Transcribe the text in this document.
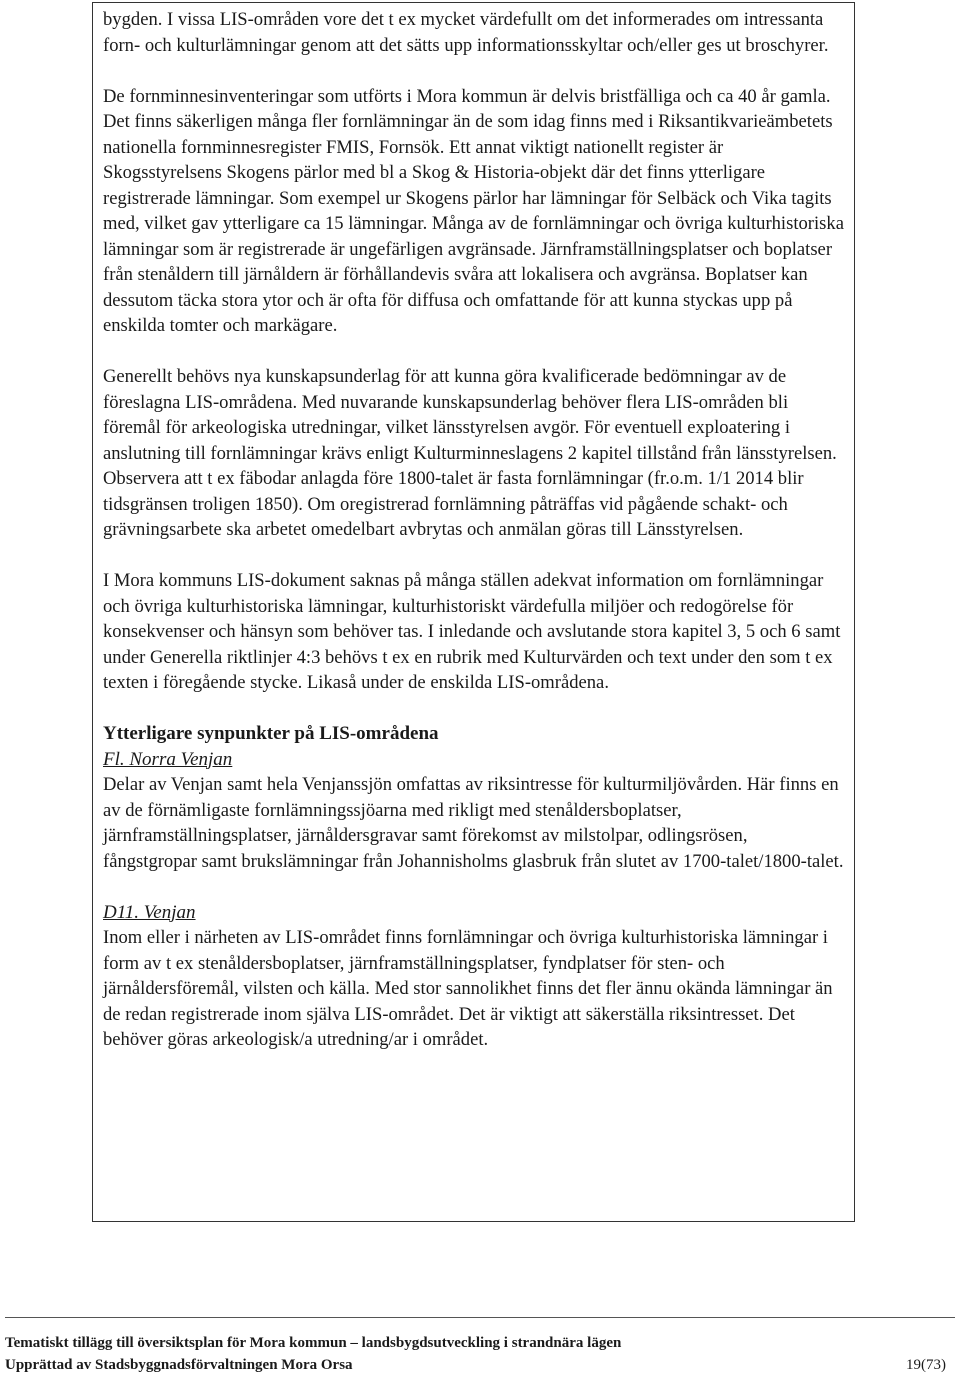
bygden. I vissa LIS-områden vore det t ex mycket värdefullt om det informerades om intressanta forn- och kulturlämningar genom att det sätts upp informationsskyltar och/eller ges ut broschyrer.

De fornminnesinventeringar som utförts i Mora kommun är delvis bristfälliga och ca 40 år gamla. Det finns säkerligen många fler fornlämningar än de som idag finns med i Riksantikvarieämbetets nationella fornminnesregister FMIS, Fornsök. Ett annat viktigt nationellt register är Skogsstyrelsens Skogens pärlor med bl a Skog & Historia-objekt där det finns ytterligare registrerade lämningar. Som exempel ur Skogens pärlor har lämningar för Selbäck och Vika tagits med, vilket gav ytterligare ca 15 lämningar. Många av de fornlämningar och övriga kulturhistoriska lämningar som är registrerade är ungefärligen avgränsade. Järnframställningsplatser och boplatser från stenåldern till järnåldern är förhållandevis svåra att lokalisera och avgränsa. Boplatser kan dessutom täcka stora ytor och är ofta för diffusa och omfattande för att kunna styckas upp på enskilda tomter och markägare.

Generellt behövs nya kunskapsunderlag för att kunna göra kvalificerade bedömningar av de föreslagna LIS-områdena. Med nuvarande kunskapsunderlag behöver flera LIS-områden bli föremål för arkeologiska utredningar, vilket länsstyrelsen avgör. För eventuell exploatering i anslutning till fornlämningar krävs enligt Kulturminneslagens 2 kapitel tillstånd från länsstyrelsen. Observera att t ex fäbodar anlagda före 1800-talet är fasta fornlämningar (fr.o.m. 1/1 2014 blir tidsgränsen troligen 1850). Om oregistrerad fornlämning påträffas vid pågående schakt- och grävningsarbete ska arbetet omedelbart avbrytas och anmälan göras till Länsstyrelsen.

I Mora kommuns LIS-dokument saknas på många ställen adekvat information om fornlämningar och övriga kulturhistoriska lämningar, kulturhistoriskt värdefulla miljöer och redogörelse för konsekvenser och hänsyn som behöver tas. I inledande och avslutande stora kapitel 3, 5 och 6 samt under Generella riktlinjer 4:3 behövs t ex en rubrik med Kulturvärden och text under den som t ex texten i föregående stycke. Likaså under de enskilda LIS-områdena.

Ytterligare synpunkter på LIS-områdena

Fl. Norra Venjan

Delar av Venjan samt hela Venjanssjön omfattas av riksintresse för kulturmiljövården. Här finns en av de förnämligaste fornlämningssjöarna med rikligt med stenåldersboplatser, järnframställningsplatser, järnåldersgravar samt förekomst av milstolpar, odlingsrösen, fångstgropar samt brukslämningar från Johannisholms glasbruk från slutet av 1700-talet/1800-talet.

D11. Venjan

Inom eller i närheten av LIS-området finns fornlämningar och övriga kulturhistoriska lämningar i form av t ex stenåldersboplatser, järnframställningsplatser, fyndplatser för sten- och järnåldersföremål, vilsten och källa. Med stor sannolikhet finns det fler ännu okända lämningar än de redan registrerade inom själva LIS-området. Det är viktigt att säkerställa riksintresset. Det behöver göras arkeologisk/a utredning/ar i området.

Tematiskt tillägg till översiktsplan för Mora kommun – landsbygdsutveckling i strandnära lägen
Upprättad av Stadsbyggnadsförvaltningen Mora Orsa	19(73)
